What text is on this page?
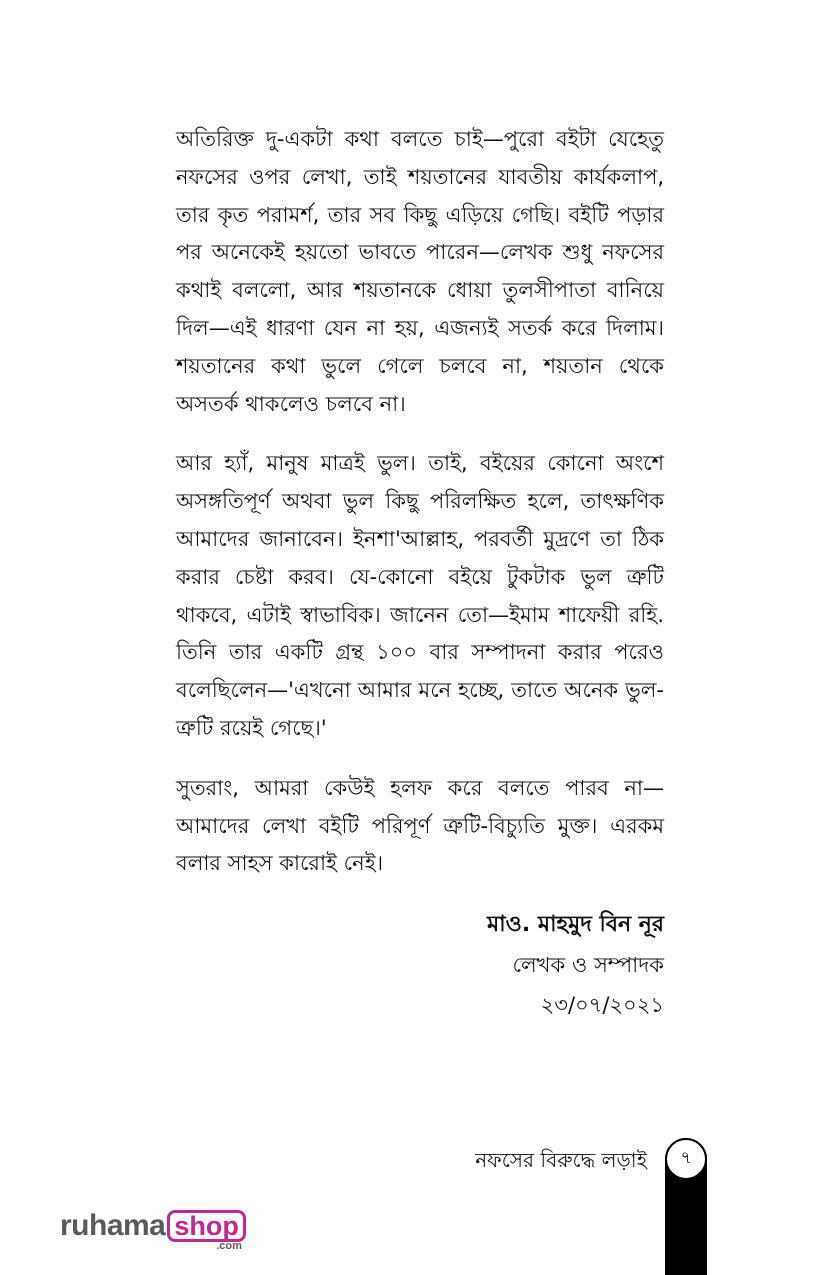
অতিরিক্ত দু-একটা কথা বলতে চাই—পুরো বইটা যেহেতু নফসের ওপর লেখা, তাই শয়তানের যাবতীয় কার্যকলাপ, তার কৃত পরামর্শ, তার সব কিছু এড়িয়ে গেছি। বইটি পড়ার পর অনেকেই হয়তো ভাবতে পারেন—লেখক শুধু নফসের কথাই বললো, আর শয়তানকে ধোয়া তুলসীপাতা বানিয়ে দিল—এই ধারণা যেন না হয়, এজন্যই সতর্ক করে দিলাম। শয়তানের কথা ভুলে গেলে চলবে না, শয়তান থেকে অসতর্ক থাকলেও চলবে না।

আর হ্যাঁ, মানুষ মাত্রই ভুল। তাই, বইয়ের কোনো অংশে অসঙ্গতিপূর্ণ অথবা ভুল কিছু পরিলক্ষিত হলে, তাৎক্ষণিক আমাদের জানাবেন। ইনশা'আল্লাহ, পরবর্তী মুদ্রণে তা ঠিক করার চেষ্টা করব। যে-কোনো বইয়ে টুকটাক ভুল ত্রুটি থাকবে, এটাই স্বাভাবিক। জানেন তো—ইমাম শাফেয়ী রহি. তিনি তার একটি গ্রন্থ ১০০ বার সম্পাদনা করার পরেও বলেছিলেন—'এখনো আমার মনে হচ্ছে, তাতে অনেক ভুল-ত্রুটি রয়েই গেছে।'

সুতরাং, আমরা কেউই হলফ করে বলতে পারব না—আমাদের লেখা বইটি পরিপূর্ণ ত্রুটি-বিচ্যুতি মুক্ত। এরকম বলার সাহস কারোই নেই।

মাও. মাহমুদ বিন নূর
লেখক ও সম্পাদক
২৩/০৭/২০২১
নফসের বিরুদ্ধে লড়াই ৭
ruhama shop
.com
